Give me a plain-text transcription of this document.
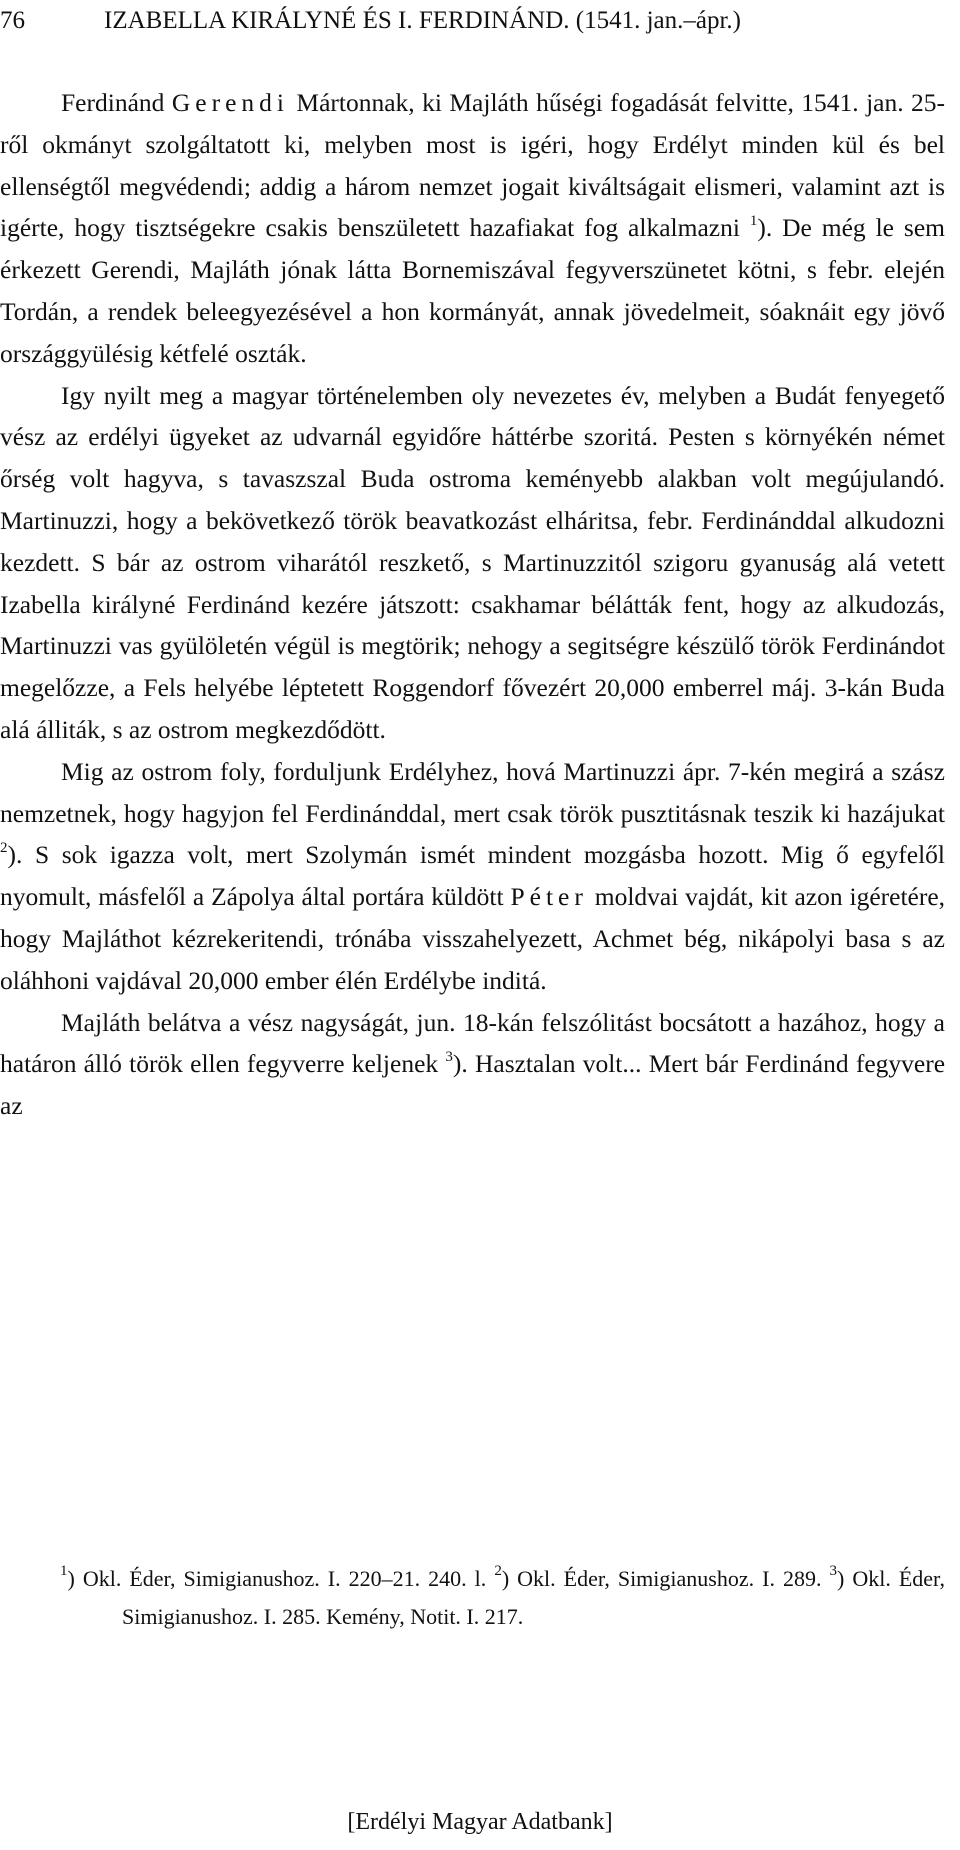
76	IZABELLA KIRÁLYNÉ ÉS I. FERDINÁND. (1541. jan.–ápr.)

Ferdinánd Gerendi Mártonnak, ki Majláth hűségi fogadását felvitte, 1541. jan. 25-ről okmányt szolgáltatott ki, melyben most is igéri, hogy Erdélyt minden kül és bel ellenségtől megvédendi; addig a három nemzet jogait kiváltságait elismeri, valamint azt is igérte, hogy tisztségekre csakis benszületett hazafiakat fog alkalmazni $^1$). De még le sem érkezett Gerendi, Majláth jónak látta Bornemiszával fegyverszünetet kötni, s febr. elején Tordán, a rendek beleegyezésével a hon kormányát, annak jövedelmeit, sóaknáit egy jövő országgyülésig kétfelé oszták.

Igy nyilt meg a magyar történelemben oly nevezetes év, melyben a Budát fenyegető vész az erdélyi ügyeket az udvarnál egyidőre háttérbe szoritá. Pesten s környékén német őrség volt hagyva, s tavaszszal Buda ostroma keményebb alakban volt megújulandó. Martinuzzi, hogy a bekövetkező török beavatkozást elháritsa, febr. Ferdinánddal alkudozni kezdett. S bár az ostrom viharától reszkető, s Martinuzzitól szigoru gyanuság alá vetett Izabella királyné Ferdinánd kezére játszott: csakhamar bélátták fent, hogy az alkudozás, Martinuzzi vas gyülöletén végül is megtörik; nehogy a segitségre készülő török Ferdinándot megelőzze, a Fels helyébe léptetett Roggendorf fővezért 20,000 emberrel máj. 3-kán Buda alá álliták, s az ostrom megkezdődött.

Mig az ostrom foly, forduljunk Erdélyhez, hová Martinuzzi ápr. 7-kén megirá a szász nemzetnek, hogy hagyjon fel Ferdinánddal, mert csak török pusztitásnak teszik ki hazájukat $^2$). S sok igazza volt, mert Szolymán ismét mindent mozgásba hozott. Mig ő egyfelől nyomult, másfelől a Zápolya által portára küldött Péter moldvai vajdát, kit azon igéretére, hogy Majláthot kézrekeritendi, trónába visszahelyezett, Achmet bég, nikápolyi basa s az oláhhoni vajdával 20,000 ember élén Erdélybe inditá.

Majláth belátva a vész nagyságát, jun. 18-kán felszólitást bocsátott a hazához, hogy a határon álló török ellen fegyverre keljenek $^3$). Hasztalan volt... Mert bár Ferdinánd fegyvere az

$^1$) Okl. Éder, Simigianushoz. I. 220–21. 240. l. $^2$) Okl. Éder, Simigianushoz. I. 289. $^3$) Okl. Éder, Simigianushoz. I. 285. Kemény, Notit. I. 217.
[Erdélyi Magyar Adatbank]
